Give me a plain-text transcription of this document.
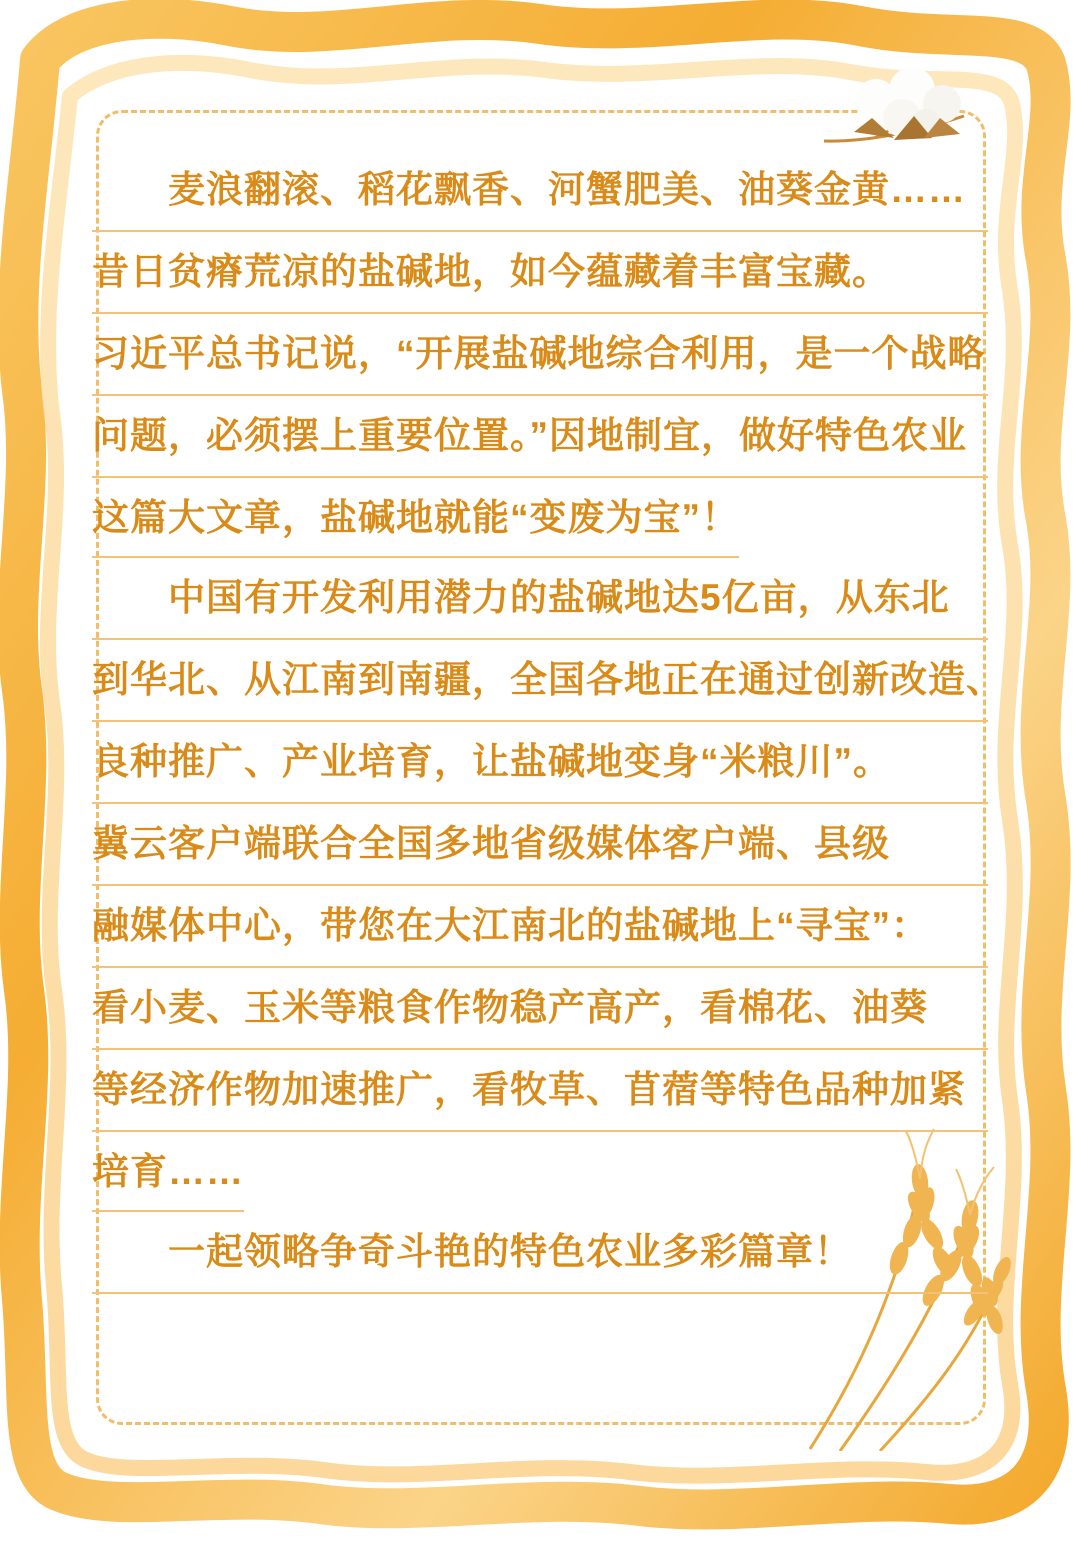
麦浪翻滚、稻花飘香、河蟹肥美、油葵金黄……
昔日贫瘠荒凉的盐碱地，如今蕴藏着丰富宝藏。
习近平总书记说，“开展盐碱地综合利用，是一个战略
问题，必须摆上重要位置。”因地制宜，做好特色农业
这篇大文章，盐碱地就能“变废为宝”！
中国有开发利用潜力的盐碱地达5亿亩，从东北
到华北、从江南到南疆，全国各地正在通过创新改造、
良种推广、产业培育，让盐碱地变身“米粮川”。
冀云客户端联合全国多地省级媒体客户端、县级
融媒体中心，带您在大江南北的盐碱地上“寻宝”：
看小麦、玉米等粮食作物稳产高产，看棉花、油葵
等经济作物加速推广，看牧草、苜蓿等特色品种加紧
培育……
一起领略争奇斗艳的特色农业多彩篇章！
